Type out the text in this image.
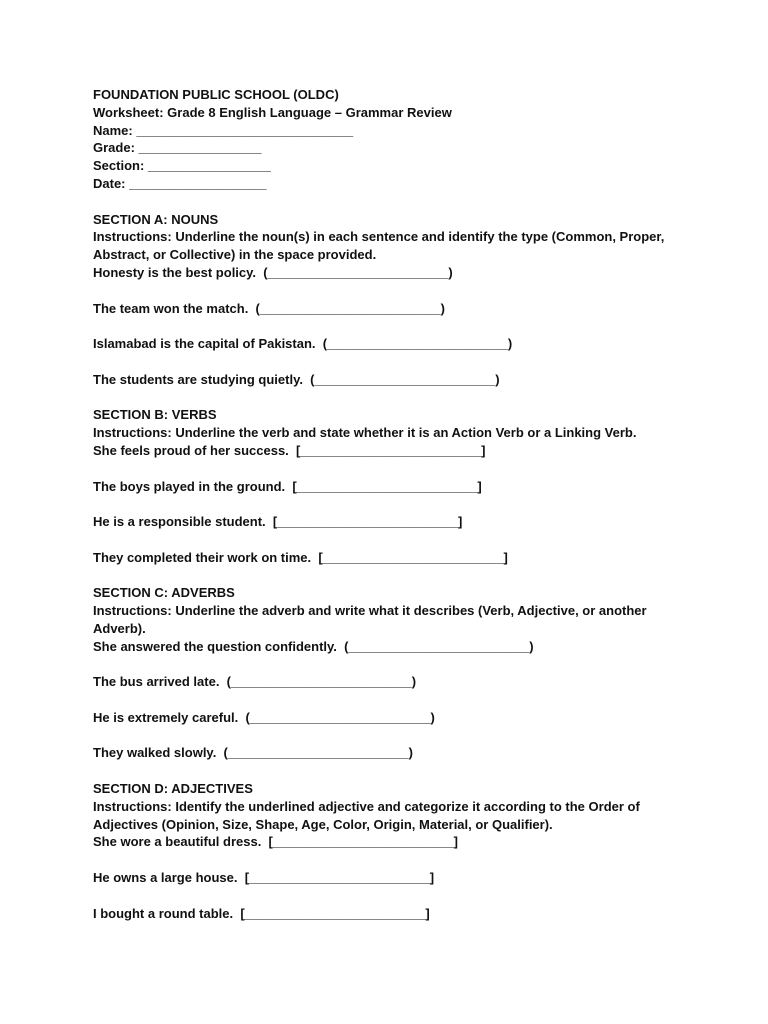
FOUNDATION PUBLIC SCHOOL (OLDC)
Worksheet: Grade 8 English Language – Grammar Review
Name: ______________________________
Grade: _________________
Section: _________________
Date: ___________________
SECTION A: NOUNS
Instructions: Underline the noun(s) in each sentence and identify the type (Common, Proper, Abstract, or Collective) in the space provided.
Honesty is the best policy.  (_________________________)
The team won the match.  (_________________________)
Islamabad is the capital of Pakistan.  (_________________________)
The students are studying quietly.  (_________________________)
SECTION B: VERBS
Instructions: Underline the verb and state whether it is an Action Verb or a Linking Verb.
She feels proud of her success.  [_________________________]
The boys played in the ground.  [_________________________]
He is a responsible student.  [_________________________]
They completed their work on time.  [_________________________]
SECTION C: ADVERBS
Instructions: Underline the adverb and write what it describes (Verb, Adjective, or another Adverb).
She answered the question confidently.  (_________________________)
The bus arrived late.  (_________________________)
He is extremely careful.  (_________________________)
They walked slowly.  (_________________________)
SECTION D: ADJECTIVES
Instructions: Identify the underlined adjective and categorize it according to the Order of Adjectives (Opinion, Size, Shape, Age, Color, Origin, Material, or Qualifier).
She wore a beautiful dress.  [_________________________]
He owns a large house.  [_________________________]
I bought a round table.  [_________________________]
